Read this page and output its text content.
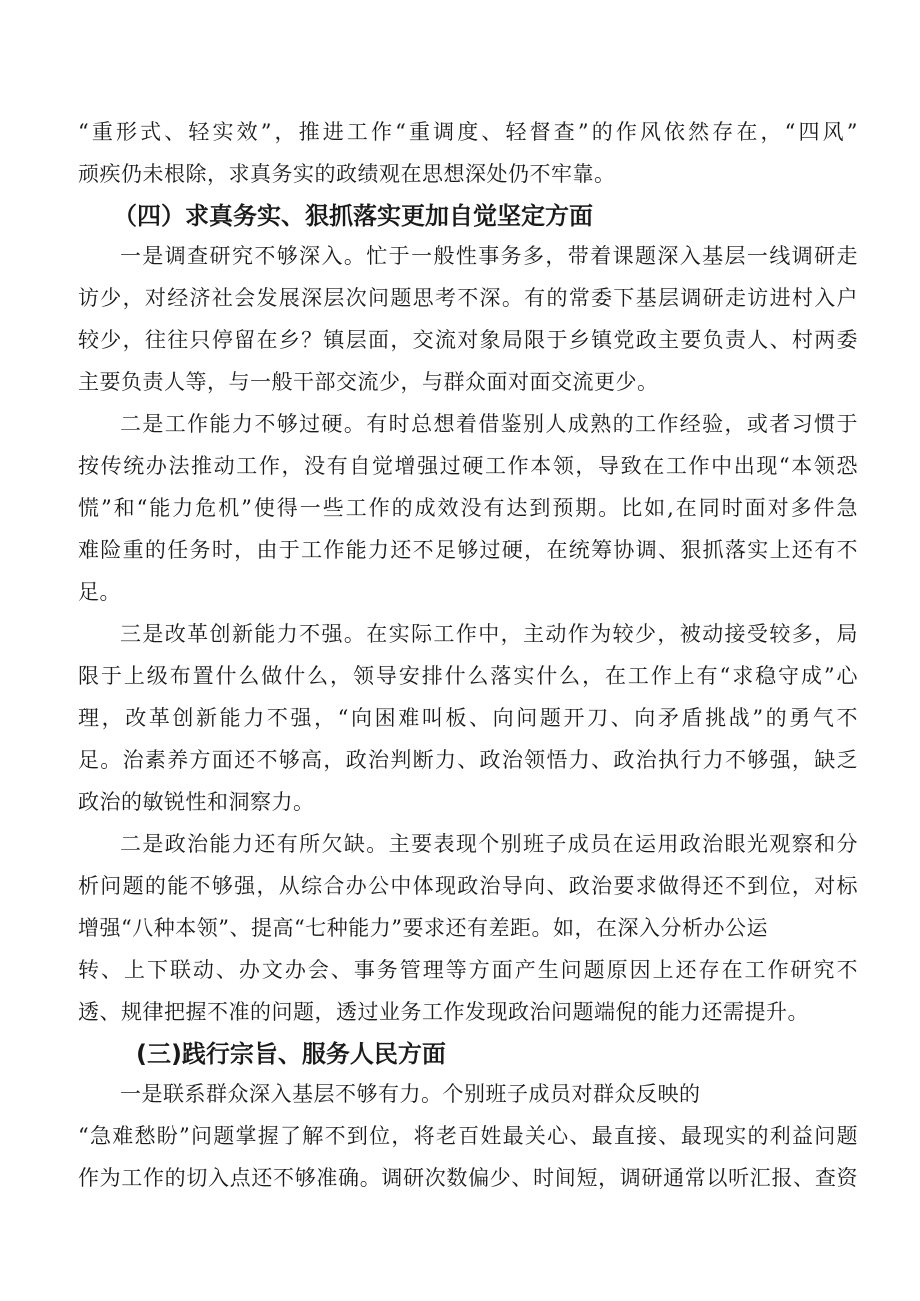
“重形式、轻实效”，推进工作“重调度、轻督查”的作风依然存在，“四风”
顽疾仍未根除，求真务实的政绩观在思想深处仍不牢靠。
（四）求真务实、狠抓落实更加自觉坚定方面
一是调查研究不够深入。忙于一般性事务多，带着课题深入基层一线调研走
访少，对经济社会发展深层次问题思考不深。有的常委下基层调研走访进村入户
较少，往往只停留在乡？镇层面，交流对象局限于乡镇党政主要负责人、村两委
主要负责人等，与一般干部交流少，与群众面对面交流更少。
二是工作能力不够过硬。有时总想着借鉴别人成熟的工作经验，或者习惯于
按传统办法推动工作，没有自觉增强过硬工作本领，导致在工作中出现“本领恐
慌”和“能力危机”使得一些工作的成效没有达到预期。比如,在同时面对多件急
难险重的任务时，由于工作能力还不足够过硬，在统筹协调、狠抓落实上还有不
足。
三是改革创新能力不强。在实际工作中，主动作为较少，被动接受较多，局
限于上级布置什么做什么，领导安排什么落实什么，在工作上有“求稳守成”心
理，改革创新能力不强，“向困难叫板、向问题开刀、向矛盾挑战”的勇气不
足。治素养方面还不够高，政治判断力、政治领悟力、政治执行力不够强，缺乏
政治的敏锐性和洞察力。
二是政治能力还有所欠缺。主要表现个别班子成员在运用政治眼光观察和分
析问题的能不够强，从综合办公中体现政治导向、政治要求做得还不到位，对标
增强“八种本领”、提高“七种能力”要求还有差距。如，在深入分析办公运
转、上下联动、办文办会、事务管理等方面产生问题原因上还存在工作研究不
透、规律把握不准的问题，透过业务工作发现政治问题端倪的能力还需提升。
(三)践行宗旨、服务人民方面
一是联系群众深入基层不够有力。个别班子成员对群众反映的
“急难愁盼”问题掌握了解不到位，将老百姓最关心、最直接、最现实的利益问题
作为工作的切入点还不够准确。调研次数偏少、时间短，调研通常以听汇报、查资
